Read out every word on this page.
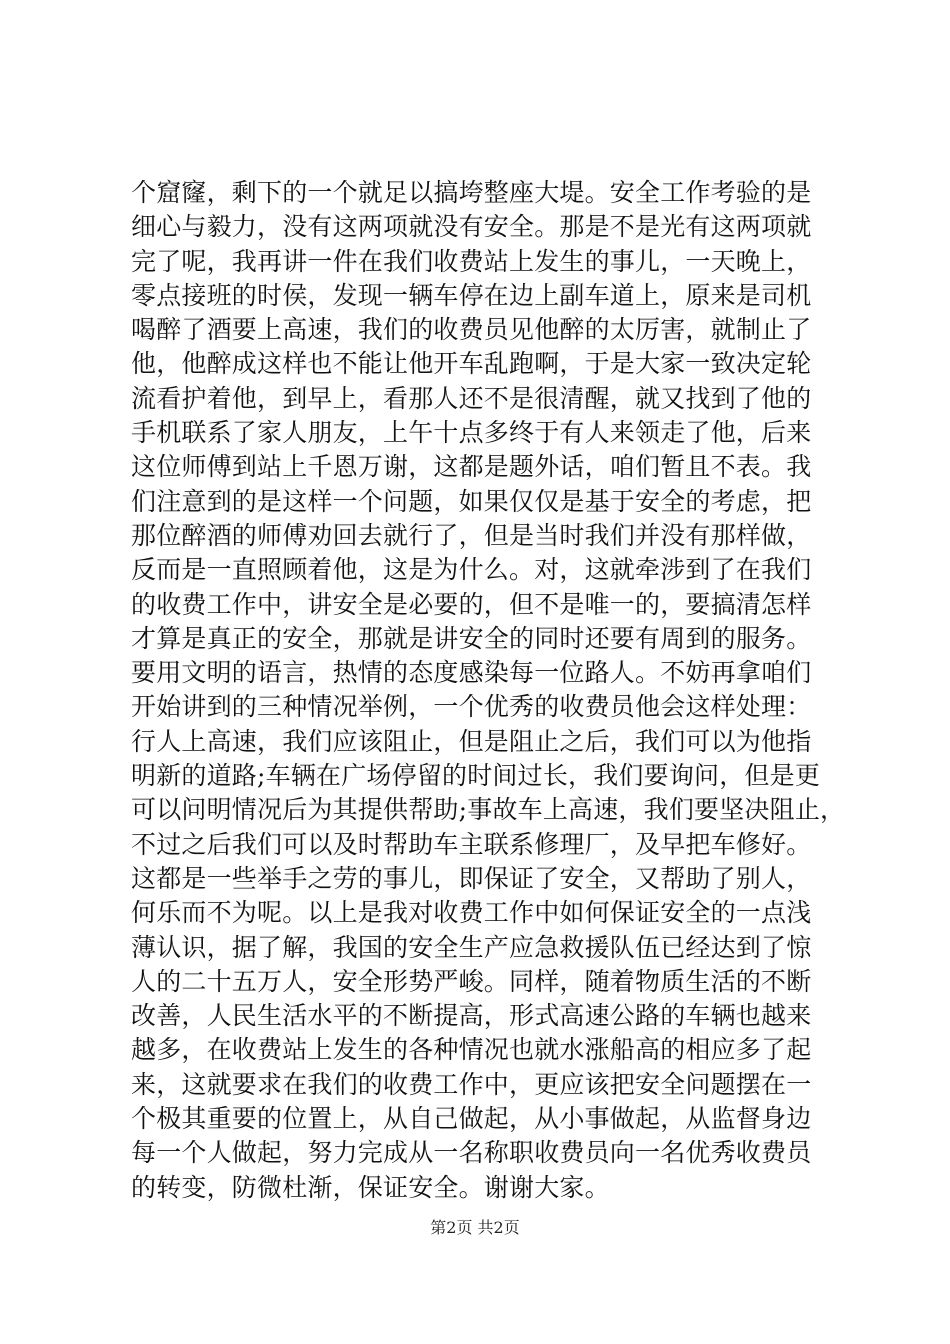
个窟窿，剩下的一个就足以搞垮整座大堤。安全工作考验的是
细心与毅力，没有这两项就没有安全。那是不是光有这两项就
完了呢，我再讲一件在我们收费站上发生的事儿，一天晚上，
零点接班的时侯，发现一辆车停在边上副车道上，原来是司机
喝醉了酒要上高速，我们的收费员见他醉的太厉害，就制止了
他，他醉成这样也不能让他开车乱跑啊，于是大家一致决定轮
流看护着他，到早上，看那人还不是很清醒，就又找到了他的
手机联系了家人朋友，上午十点多终于有人来领走了他，后来
这位师傅到站上千恩万谢，这都是题外话，咱们暂且不表。我
们注意到的是这样一个问题，如果仅仅是基于安全的考虑，把
那位醉酒的师傅劝回去就行了，但是当时我们并没有那样做，
反而是一直照顾着他，这是为什么。对，这就牵涉到了在我们
的收费工作中，讲安全是必要的，但不是唯一的，要搞清怎样
才算是真正的安全，那就是讲安全的同时还要有周到的服务。
要用文明的语言，热情的态度感染每一位路人。不妨再拿咱们
开始讲到的三种情况举例，一个优秀的收费员他会这样处理：
行人上高速，我们应该阻止，但是阻止之后，我们可以为他指
明新的道路;车辆在广场停留的时间过长，我们要询问，但是更
可以问明情况后为其提供帮助;事故车上高速，我们要坚决阻止，
不过之后我们可以及时帮助车主联系修理厂，及早把车修好。
这都是一些举手之劳的事儿，即保证了安全，又帮助了别人，
何乐而不为呢。以上是我对收费工作中如何保证安全的一点浅
薄认识，据了解，我国的安全生产应急救援队伍已经达到了惊
人的二十五万人，安全形势严峻。同样，随着物质生活的不断
改善，人民生活水平的不断提高，形式高速公路的车辆也越来
越多，在收费站上发生的各种情况也就水涨船高的相应多了起
来，这就要求在我们的收费工作中，更应该把安全问题摆在一
个极其重要的位置上，从自己做起，从小事做起，从监督身边
每一个人做起，努力完成从一名称职收费员向一名优秀收费员
的转变，防微杜渐，保证安全。谢谢大家。
第2页 共2页
